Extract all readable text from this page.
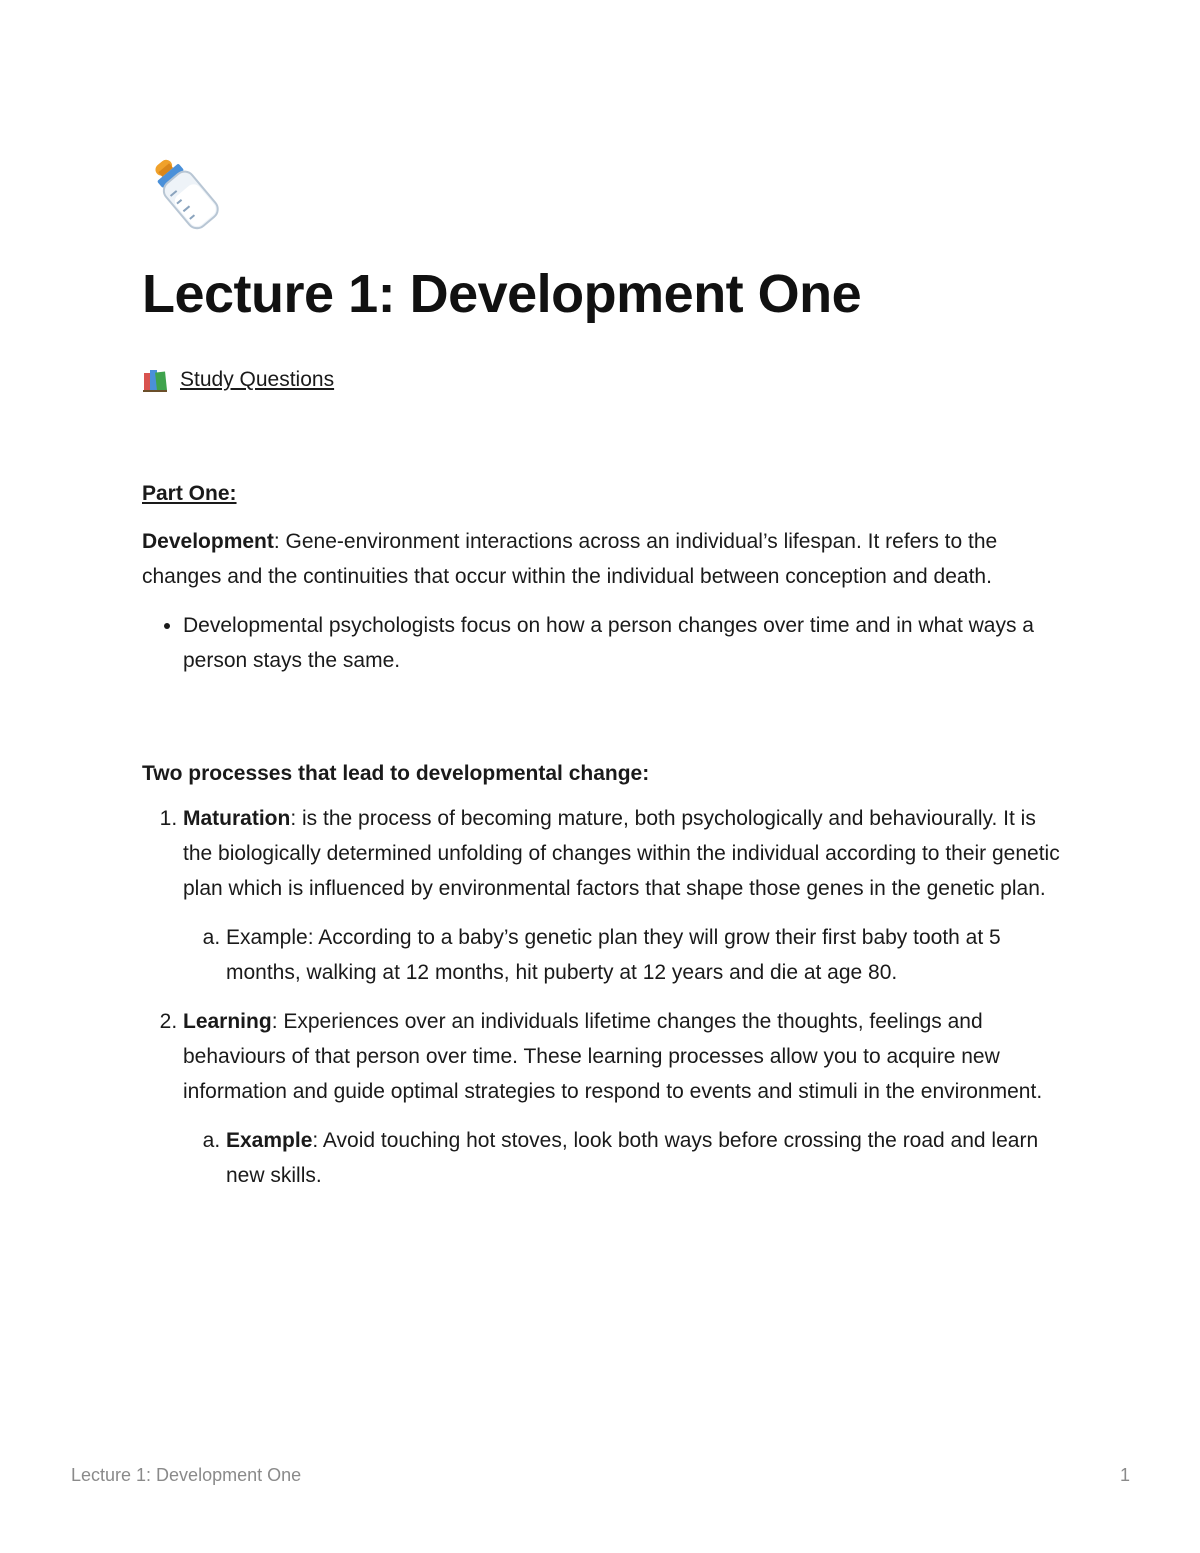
Lecture 1: Development One
Study Questions
Part One:

Development: Gene-environment interactions across an individual’s lifespan. It refers to the changes and the continuities that occur within the individual between conception and death.

• Developmental psychologists focus on how a person changes over time and in what ways a person stays the same.
Two processes that lead to developmental change:
1. Maturation: is the process of becoming mature, both psychologically and behaviourally. It is the biologically determined unfolding of changes within the individual according to their genetic plan which is influenced by environmental factors that shape those genes in the genetic plan.
a. Example: According to a baby’s genetic plan they will grow their first baby tooth at 5 months, walking at 12 months, hit puberty at 12 years and die at age 80.
2. Learning: Experiences over an individuals lifetime changes the thoughts, feelings and behaviours of that person over time. These learning processes allow you to acquire new information and guide optimal strategies to respond to events and stimuli in the environment.
a. Example: Avoid touching hot stoves, look both ways before crossing the road and learn new skills.
Lecture 1: Development One	1
